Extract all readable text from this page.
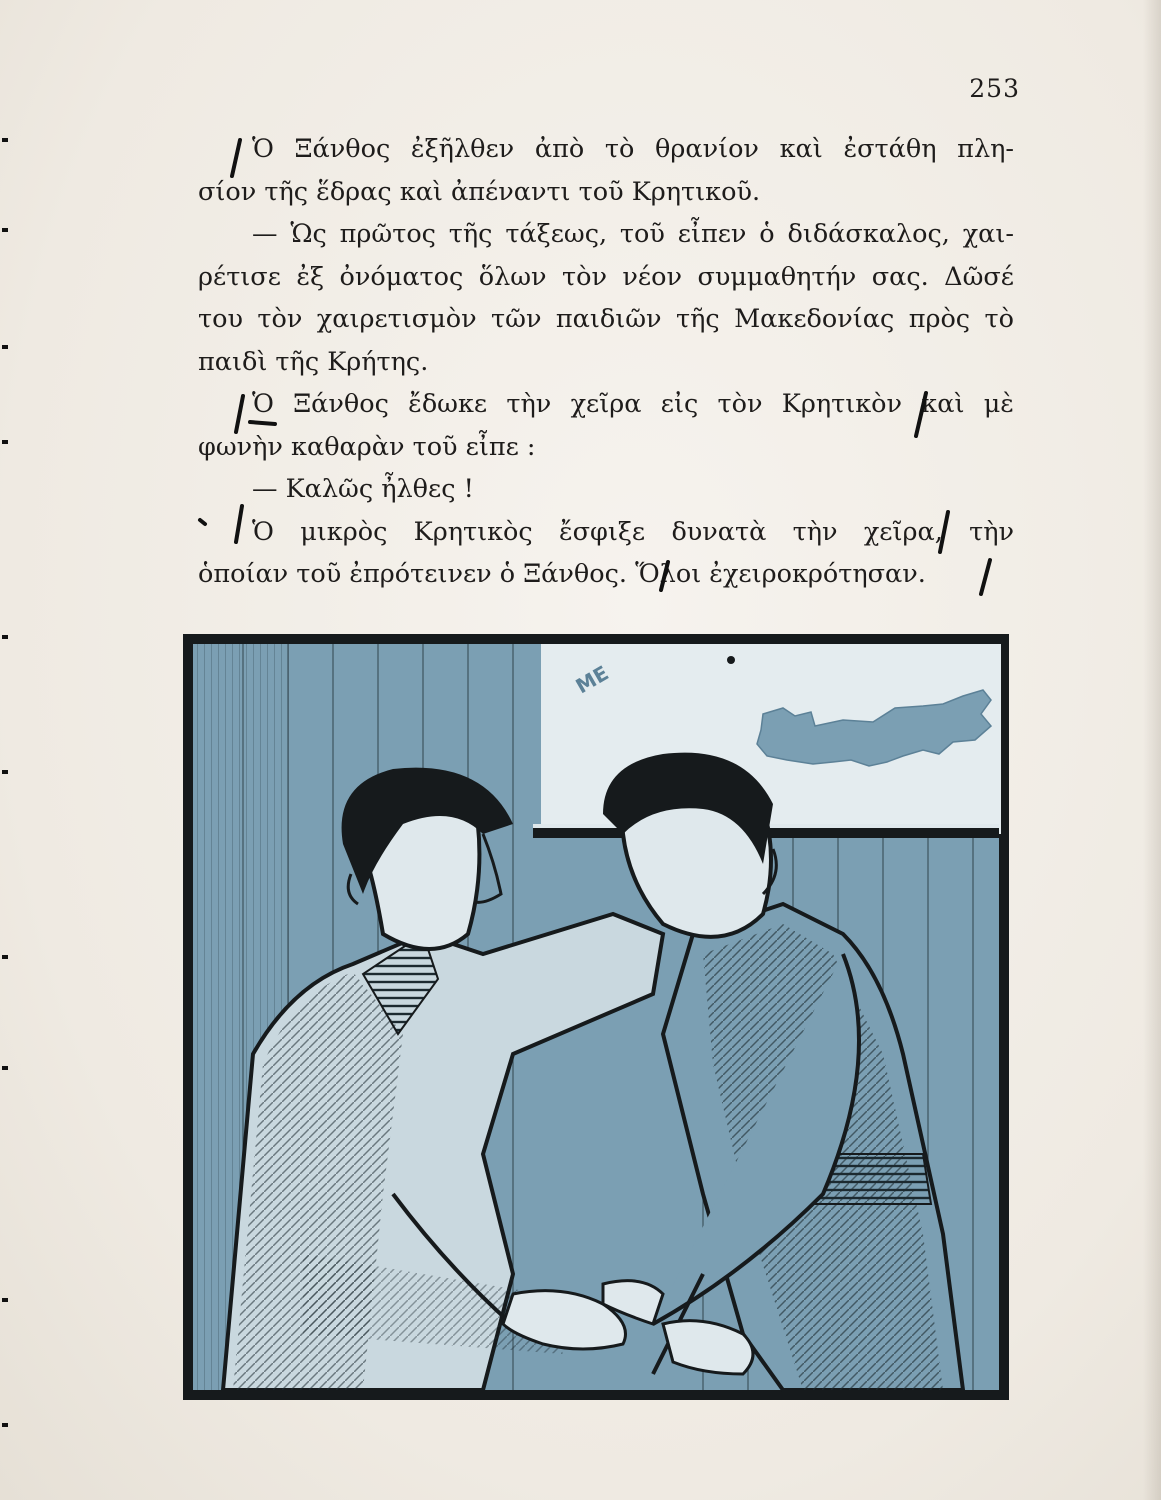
253
Ὁ Ξάνθος ἐξῆλθεν ἀπὸ τὸ θρανίον καὶ ἐστάθη πλη-
σίον τῆς ἕδρας καὶ ἀπέναντι τοῦ Κρητικοῦ.
— Ὡς πρῶτος τῆς τάξεως, τοῦ εἶπεν ὁ διδάσκαλος, χαι-
ρέτισε ἐξ ὀνόματος ὅλων τὸν νέον συμμαθητήν σας. Δῶσέ
του τὸν χαιρετισμὸν τῶν παιδιῶν τῆς Μακεδονίας πρὸς τὸ
παιδὶ τῆς Κρήτης.
Ὁ Ξάνθος ἔδωκε τὴν χεῖρα εἰς τὸν Κρητικὸν καὶ μὲ
φωνὴν καθαρὰν τοῦ εἶπε :
— Καλῶς ἦλθες !
Ὁ μικρὸς Κρητικὸς ἔσφιξε δυνατὰ τὴν χεῖρα, τὴν
ὁποίαν τοῦ ἐπρότεινεν ὁ Ξάνθος. Ὅλοι ἐχειροκρότησαν.
ΜΕ
